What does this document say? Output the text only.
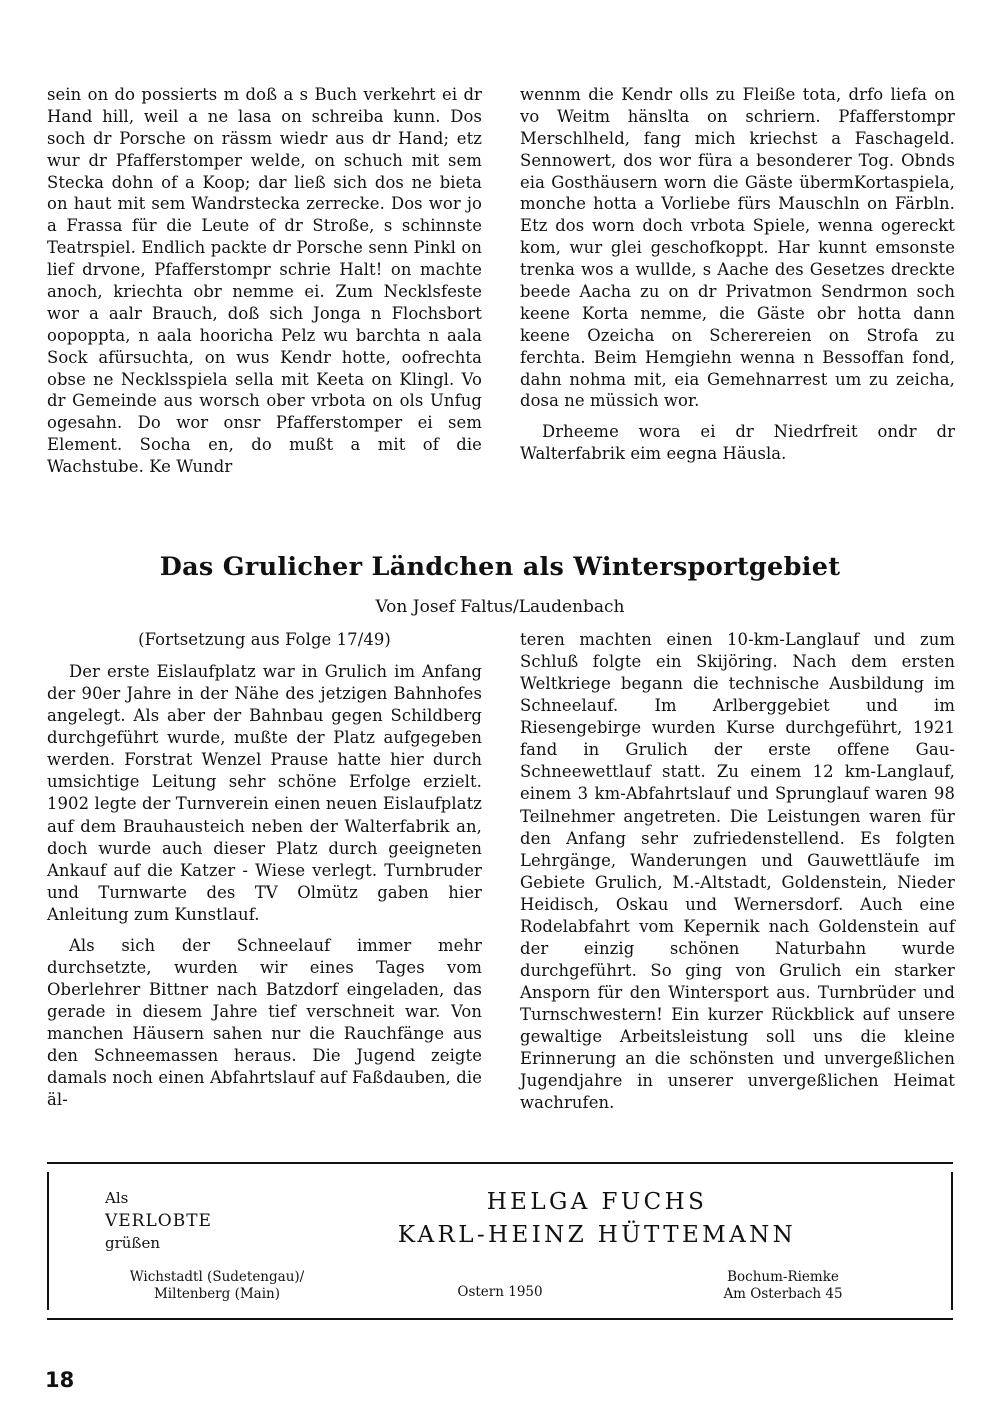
sein on do possierts m doß a s Buch verkehrt ei dr Hand hill, weil a ne lasa on schreiba kunn. Dos soch dr Porsche on rässm wiedr aus dr Hand; etz wur dr Pfafferstomper welde, on schuch mit sem Stecka dohn of a Koop; dar ließ sich dos ne bieta on haut mit sem Wandrstecka zerrecke. Dos wor jo a Frassa für die Leute of dr Stroße, s schinnste Teatrspiel. Endlich packte dr Porsche senn Pinkl on lief drvone, Pfafferstompr schrie Halt! on machte anoch, kriechta obr nemme ei. Zum Necklsfeste wor a aalr Brauch, doß sich Jonga n Flochsbort oopoppta, n aala hooricha Pelz wu barchta n aala Sock afürsuchta, on wus Kendr hotte, oofrechta obse ne Necklsspiela sella mit Keeta on Klingl. Vo dr Gemeinde aus worsch ober vrbota on ols Unfug ogesahn. Do wor onsr Pfafferstomper ei sem Element. Socha en, do mußt a mit of die Wachstube. Ke Wundr

wennm die Kendr olls zu Fleiße tota, drfo liefa on vo Weitm hänslta on schriern. Pfafferstompr Merschlheld, fang mich kriechst a Faschageld. Sennowert, dos wor füra a besonderer Tog. Obnds eia Gosthäusern worn die Gäste übermKortaspiela, monche hotta a Vorliebe fürs Mauschln on Färbln. Etz dos worn doch vrbota Spiele, wenna ogereckt kom, wur glei geschofkoppt. Har kunnt emsonste trenka wos a wullde, s Aache des Gesetzes dreckte beede Aacha zu on dr Privatmon Sendrmon soch keene Korta nemme, die Gäste obr hotta dann keene Ozeicha on Scherereien on Strofa zu ferchta. Beim Hemgiehn wenna n Bessoffan fond, dahn nohma mit, eia Gemehnarrest um zu zeicha, dosa ne müssich wor.

Drheeme wora ei dr Niedrfreit ondr dr Walterfabrik eim eegna Häusla.

Das Grulicher Ländchen als Wintersportgebiet
Von Josef Faltus/Laudenbach

(Fortsetzung aus Folge 17/49)

Der erste Eislaufplatz war in Grulich im Anfang der 90er Jahre in der Nähe des jetzigen Bahnhofes angelegt. Als aber der Bahnbau gegen Schildberg durchgeführt wurde, mußte der Platz aufgegeben werden. Forstrat Wenzel Prause hatte hier durch umsichtige Leitung sehr schöne Erfolge erzielt. 1902 legte der Turnverein einen neuen Eislaufplatz auf dem Brauhausteich neben der Walterfabrik an, doch wurde auch dieser Platz durch geeigneten Ankauf auf die Katzer - Wiese verlegt. Turnbruder und Turnwarte des TV Olmütz gaben hier Anleitung zum Kunstlauf.

Als sich der Schneelauf immer mehr durchsetzte, wurden wir eines Tages vom Oberlehrer Bittner nach Batzdorf eingeladen, das gerade in diesem Jahre tief verschneit war. Von manchen Häusern sahen nur die Rauchfänge aus den Schneemassen heraus. Die Jugend zeigte damals noch einen Abfahrtslauf auf Faßdauben, die äl-

teren machten einen 10-km-Langlauf und zum Schluß folgte ein Skijöring. Nach dem ersten Weltkriege begann die technische Ausbildung im Schneelauf. Im Arlberggebiet und im Riesengebirge wurden Kurse durchgeführt, 1921 fand in Grulich der erste offene Gau-Schneewettlauf statt. Zu einem 12 km-Langlauf, einem 3 km-Abfahrtslauf und Sprunglauf waren 98 Teilnehmer angetreten. Die Leistungen waren für den Anfang sehr zufriedenstellend. Es folgten Lehrgänge, Wanderungen und Gauwettläufe im Gebiete Grulich, M.-Altstadt, Goldenstein, Nieder Heidisch, Oskau und Wernersdorf. Auch eine Rodelabfahrt vom Kepernik nach Goldenstein auf der einzig schönen Naturbahn wurde durchgeführt. So ging von Grulich ein starker Ansporn für den Wintersport aus. Turnbrüder und Turnschwestern! Ein kurzer Rückblick auf unsere gewaltige Arbeitsleistung soll uns die kleine Erinnerung an die schönsten und unvergeßlichen Jugendjahre in unserer unvergeßlichen Heimat wachrufen.

Als
VERLOBTE
grüßen
HELGA FUCHS
KARL-HEINZ HÜTTEMANN
Wichstadtl (Sudetengau)/
Miltenberg (Main)	Ostern 1950
Bochum-Riemke
Am Osterbach 45
18
